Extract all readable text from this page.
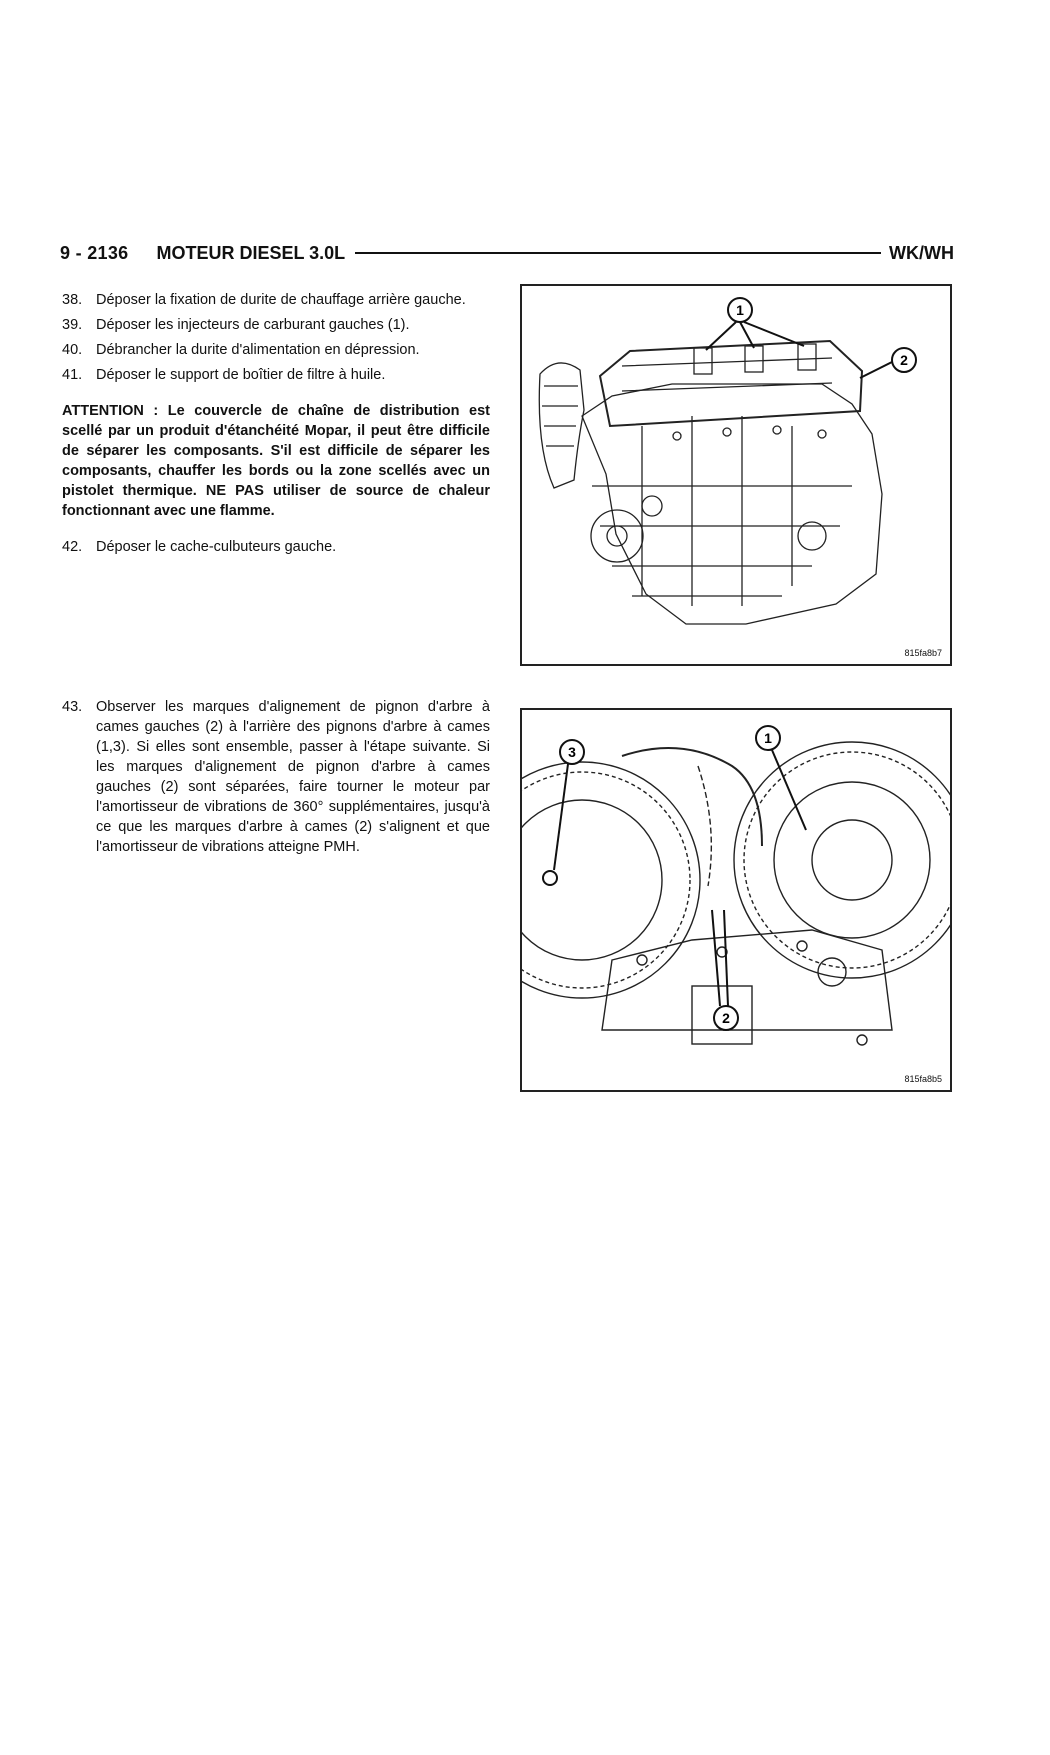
9 - 2136 MOTEUR DIESEL 3.0L	WK/WH
38. Déposer la fixation de durite de chauffage arrière gauche.
39. Déposer les injecteurs de carburant gauches (1).
40. Débrancher la durite d'alimentation en dépression.
41. Déposer le support de boîtier de filtre à huile.
ATTENTION : Le couvercle de chaîne de distribution est scellé par un produit d'étanchéité Mopar, il peut être difficile de séparer les composants. S'il est difficile de séparer les composants, chauffer les bords ou la zone scellés avec un pistolet thermique. NE PAS utiliser de source de chaleur fonctionnant avec une flamme.
42. Déposer le cache-culbuteurs gauche.
43. Observer les marques d'alignement de pignon d'arbre à cames gauches (2) à l'arrière des pignons d'arbre à cames (1,3). Si elles sont ensemble, passer à l'étape suivante. Si les marques d'alignement de pignon d'arbre à cames gauches (2) sont séparées, faire tourner le moteur par l'amortisseur de vibrations de 360° supplémentaires, jusqu'à ce que les marques d'arbre à cames (2) s'alignent et que l'amortisseur de vibrations atteigne PMH.
1
2
815fa8b7
3
1
2
815fa8b5
